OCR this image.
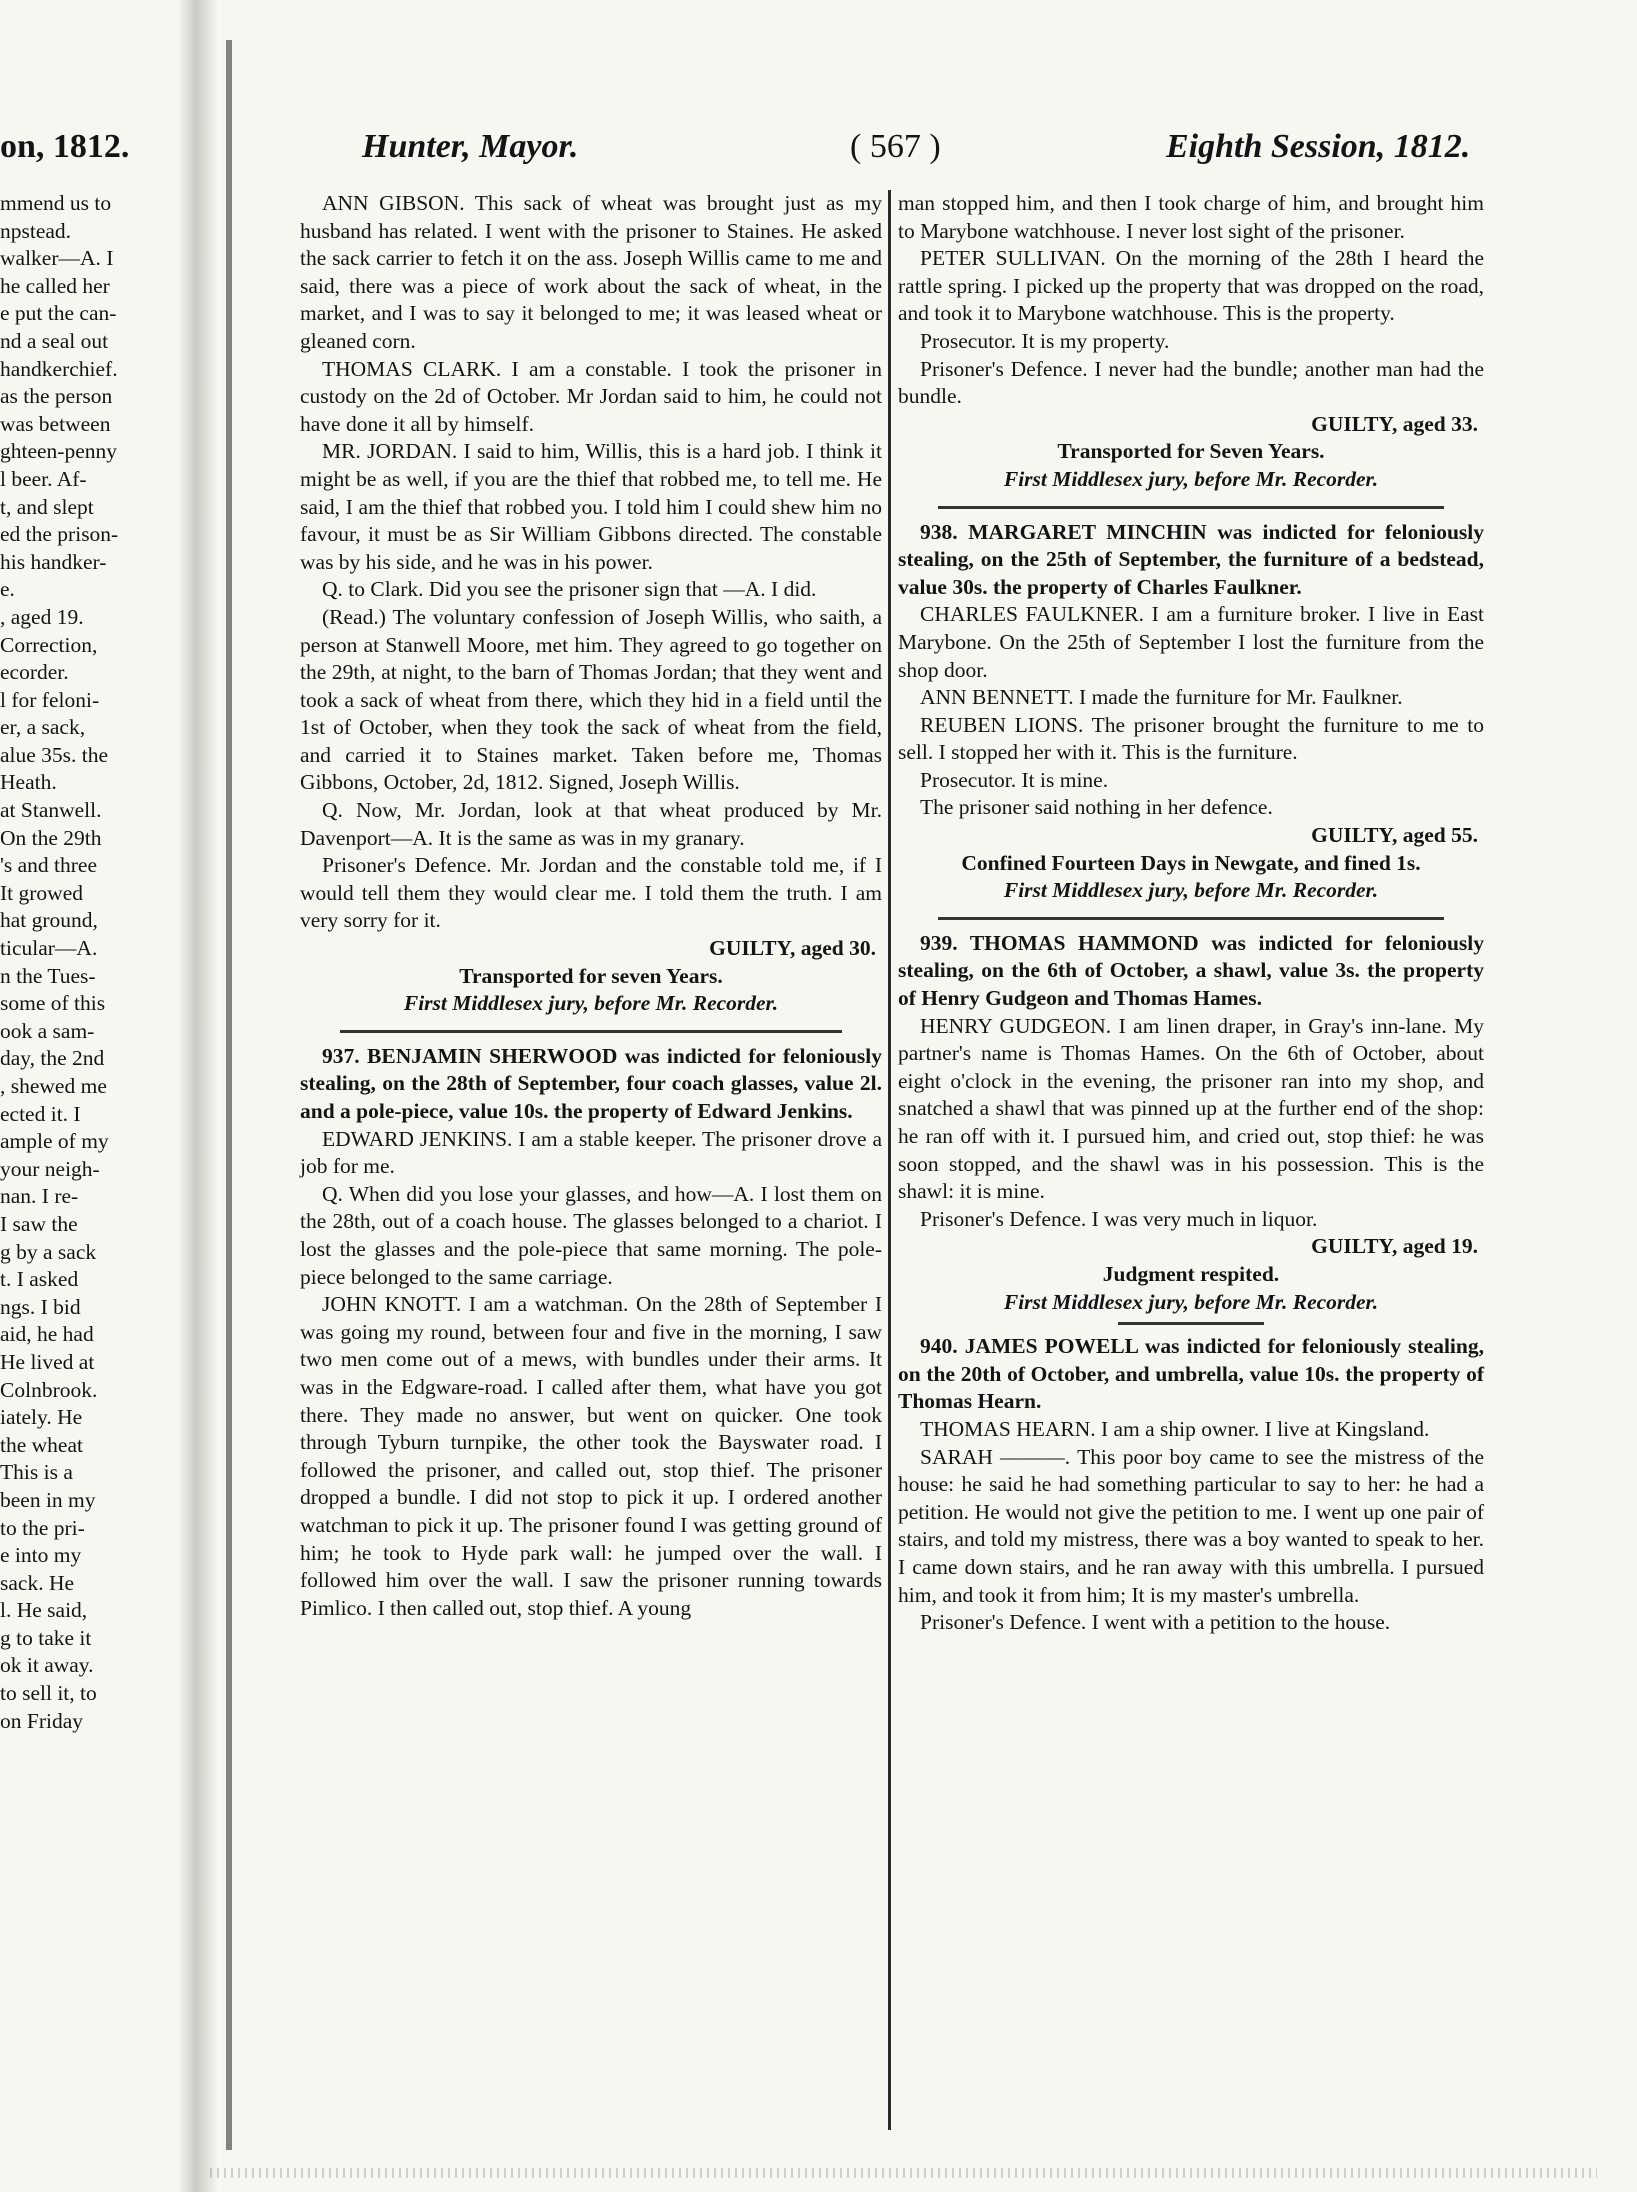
on, 1812.	Hunter, Mayor.	( 567 )	Eighth Session, 1812.

mmend us to

npstead.

walker—A. I

he called her

e put the can-

nd a seal out

handkerchief.

as the person

was between

ghteen-penny

l beer. Af-

t, and slept

ed the prison-

his handker-

e.

, aged 19.

Correction,

ecorder.

l for feloni-

er, a sack,

alue 35s. the

Heath.

at Stanwell.

On the 29th

's and three

It growed

hat ground,

ticular—A.

n the Tues-

some of this

ook a sam-

day, the 2nd

, shewed me

ected it. I

ample of my

your neigh-

nan. I re-

I saw the

g by a sack

t. I asked

ngs. I bid

aid, he had

He lived at

Colnbrook.

iately. He

the wheat

This is a

been in my

to the pri-

e into my

sack. He

l. He said,

g to take it

ok it away.

to sell it, to

on Friday

ANN GIBSON. This sack of wheat was brought just as my husband has related. I went with the prisoner to Staines. He asked the sack carrier to fetch it on the ass. Joseph Willis came to me and said, there was a piece of work about the sack of wheat, in the market, and I was to say it belonged to me; it was leased wheat or gleaned corn.

THOMAS CLARK. I am a constable. I took the prisoner in custody on the 2d of October. Mr Jordan said to him, he could not have done it all by himself.

MR. JORDAN. I said to him, Willis, this is a hard job. I think it might be as well, if you are the thief that robbed me, to tell me. He said, I am the thief that robbed you. I told him I could shew him no favour, it must be as Sir William Gibbons directed. The constable was by his side, and he was in his power.

Q. to Clark. Did you see the prisoner sign that —A. I did.

(Read.) The voluntary confession of Joseph Willis, who saith, a person at Stanwell Moore, met him. They agreed to go together on the 29th, at night, to the barn of Thomas Jordan; that they went and took a sack of wheat from there, which they hid in a field until the 1st of October, when they took the sack of wheat from the field, and carried it to Staines market. Taken before me, Thomas Gibbons, October, 2d, 1812. Signed, Joseph Willis.

Q. Now, Mr. Jordan, look at that wheat produced by Mr. Davenport—A. It is the same as was in my granary.

Prisoner's Defence. Mr. Jordan and the constable told me, if I would tell them they would clear me. I told them the truth. I am very sorry for it.

GUILTY, aged 30.

Transported for seven Years.

First Middlesex jury, before Mr. Recorder.

937. BENJAMIN SHERWOOD was indicted for feloniously stealing, on the 28th of September, four coach glasses, value 2l. and a pole-piece, value 10s. the property of Edward Jenkins.

EDWARD JENKINS. I am a stable keeper. The prisoner drove a job for me.

Q. When did you lose your glasses, and how—A. I lost them on the 28th, out of a coach house. The glasses belonged to a chariot. I lost the glasses and the pole-piece that same morning. The pole-piece belonged to the same carriage.

JOHN KNOTT. I am a watchman. On the 28th of September I was going my round, between four and five in the morning, I saw two men come out of a mews, with bundles under their arms. It was in the Edgware-road. I called after them, what have you got there. They made no answer, but went on quicker. One took through Tyburn turnpike, the other took the Bayswater road. I followed the prisoner, and called out, stop thief. The prisoner dropped a bundle. I did not stop to pick it up. I ordered another watchman to pick it up. The prisoner found I was getting ground of him; he took to Hyde park wall: he jumped over the wall. I followed him over the wall. I saw the prisoner running towards Pimlico. I then called out, stop thief. A young

man stopped him, and then I took charge of him, and brought him to Marybone watchhouse. I never lost sight of the prisoner.

PETER SULLIVAN. On the morning of the 28th I heard the rattle spring. I picked up the property that was dropped on the road, and took it to Marybone watchhouse. This is the property.

Prosecutor. It is my property.

Prisoner's Defence. I never had the bundle; another man had the bundle.

GUILTY, aged 33.

Transported for Seven Years.

First Middlesex jury, before Mr. Recorder.

938. MARGARET MINCHIN was indicted for feloniously stealing, on the 25th of September, the furniture of a bedstead, value 30s. the property of Charles Faulkner.

CHARLES FAULKNER. I am a furniture broker. I live in East Marybone. On the 25th of September I lost the furniture from the shop door.

ANN BENNETT. I made the furniture for Mr. Faulkner.

REUBEN LIONS. The prisoner brought the furniture to me to sell. I stopped her with it. This is the furniture.

Prosecutor. It is mine.

The prisoner said nothing in her defence.

GUILTY, aged 55.

Confined Fourteen Days in Newgate, and fined 1s.

First Middlesex jury, before Mr. Recorder.

939. THOMAS HAMMOND was indicted for feloniously stealing, on the 6th of October, a shawl, value 3s. the property of Henry Gudgeon and Thomas Hames.

HENRY GUDGEON. I am linen draper, in Gray's inn-lane. My partner's name is Thomas Hames. On the 6th of October, about eight o'clock in the evening, the prisoner ran into my shop, and snatched a shawl that was pinned up at the further end of the shop: he ran off with it. I pursued him, and cried out, stop thief: he was soon stopped, and the shawl was in his possession. This is the shawl: it is mine.

Prisoner's Defence. I was very much in liquor.

GUILTY, aged 19.

Judgment respited.

First Middlesex jury, before Mr. Recorder.

940. JAMES POWELL was indicted for feloniously stealing, on the 20th of October, and umbrella, value 10s. the property of Thomas Hearn.

THOMAS HEARN. I am a ship owner. I live at Kingsland.

SARAH ———. This poor boy came to see the mistress of the house: he said he had something particular to say to her: he had a petition. He would not give the petition to me. I went up one pair of stairs, and told my mistress, there was a boy wanted to speak to her. I came down stairs, and he ran away with this umbrella. I pursued him, and took it from him; It is my master's umbrella.

Prisoner's Defence. I went with a petition to the house.
